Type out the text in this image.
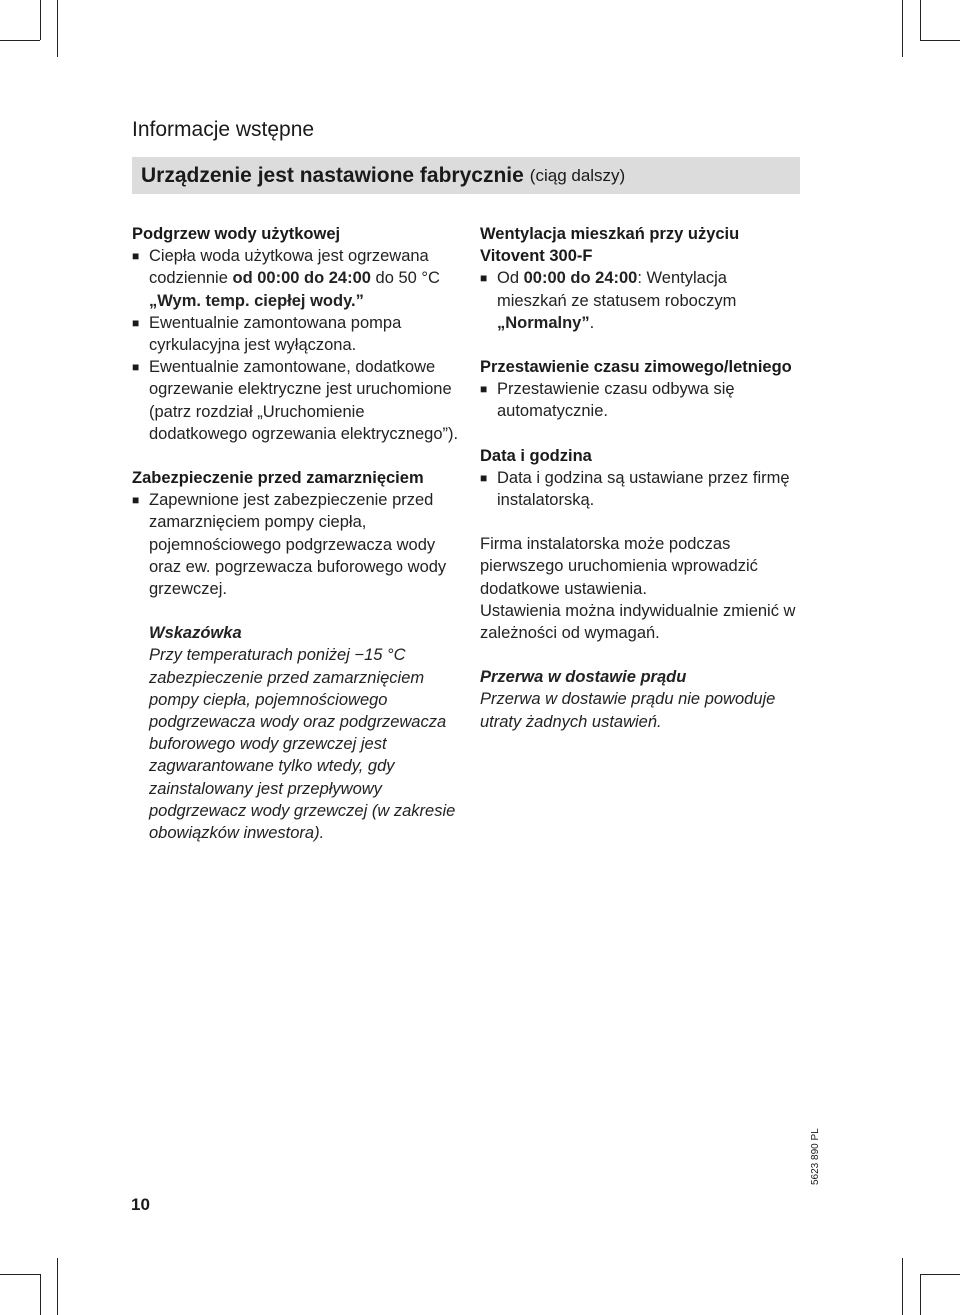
Informacje wstępne
Urządzenie jest nastawione fabrycznie (ciąg dalszy)
Podgrzew wody użytkowej
■ Ciepła woda użytkowa jest ogrzewana codziennie od 00:00 do 24:00 do 50 °C „Wym. temp. ciepłej wody.”
■ Ewentualnie zamontowana pompa cyrkulacyjna jest wyłączona.
■ Ewentualnie zamontowane, dodatkowe ogrzewanie elektryczne jest uruchomione (patrz rozdział „Uruchomienie dodatkowego ogrzewania elektrycznego”).
Zabezpieczenie przed zamarznięciem
■ Zapewnione jest zabezpieczenie przed zamarznięciem pompy ciepła, pojemnościowego podgrzewacza wody oraz ew. pogrzewacza buforowego wody grzewczej.
Wskazówka
Przy temperaturach poniżej −15 °C zabezpieczenie przed zamarznięciem pompy ciepła, pojemnościowego podgrzewacza wody oraz podgrzewacza buforowego wody grzewczej jest zagwarantowane tylko wtedy, gdy zainstalowany jest przepływowy podgrzewacz wody grzewczej (w zakresie obowiązków inwestora).
Wentylacja mieszkań przy użyciu Vitovent 300-F
■ Od 00:00 do 24:00: Wentylacja mieszkań ze statusem roboczym „Normalny”.
Przestawienie czasu zimowego/letniego
■ Przestawienie czasu odbywa się automatycznie.
Data i godzina
■ Data i godzina są ustawiane przez firmę instalatorską.
Firma instalatorska może podczas pierwszego uruchomienia wprowadzić dodatkowe ustawienia.
Ustawienia można indywidualnie zmienić w zależności od wymagań.
Przerwa w dostawie prądu
Przerwa w dostawie prądu nie powoduje utraty żadnych ustawień.
10
5623 890 PL
